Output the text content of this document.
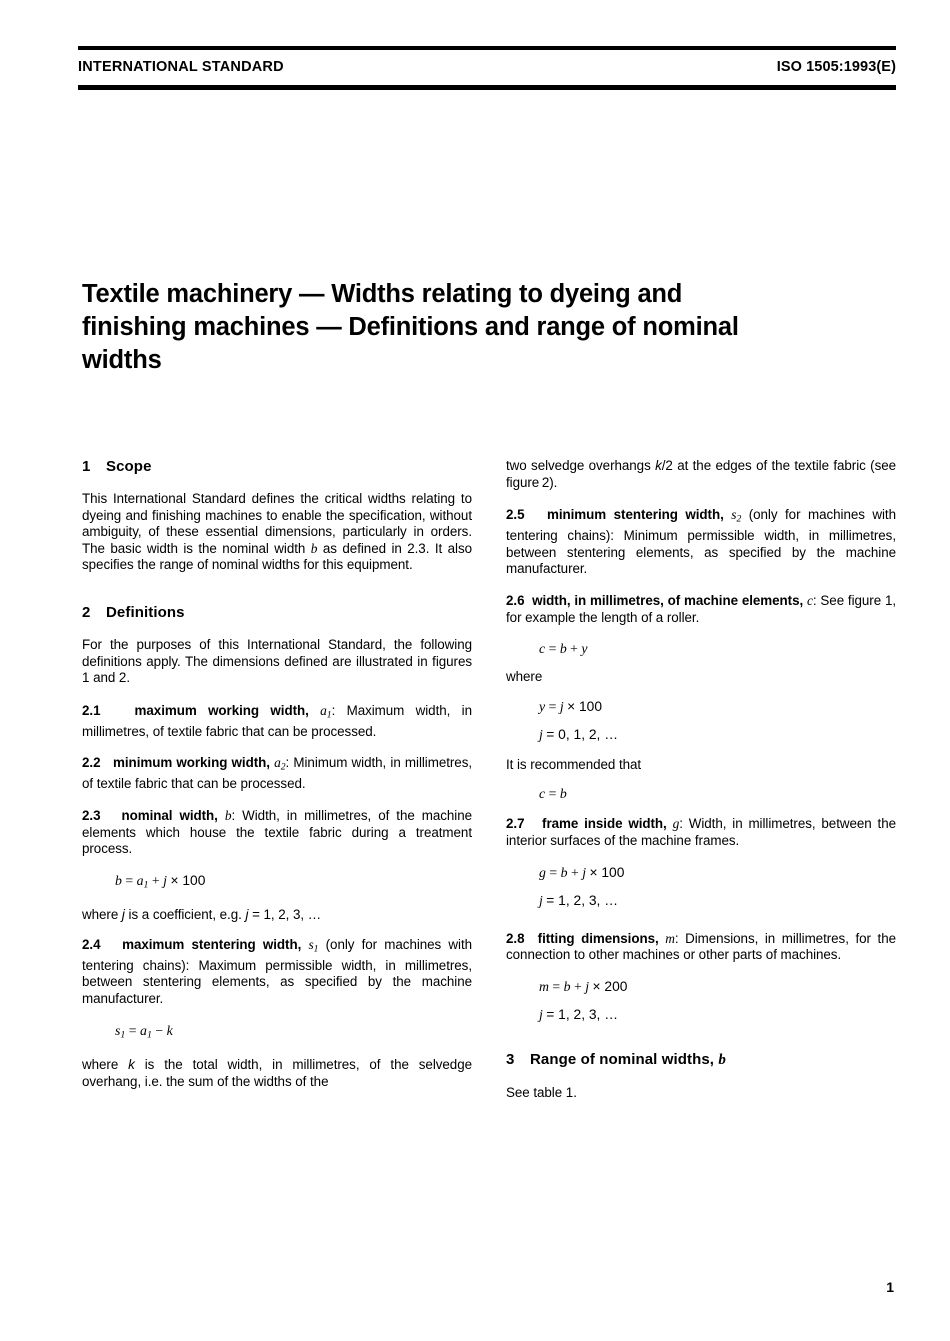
INTERNATIONAL STANDARD	ISO 1505:1993(E)
Textile machinery — Widths relating to dyeing and finishing machines — Definitions and range of nominal widths
1 Scope

This International Standard defines the critical widths relating to dyeing and finishing machines to enable the specification, without ambiguity, of these essential dimensions, particularly in orders. The basic width is the nominal width b as defined in 2.3. It also specifies the range of nominal widths for this equipment.

2 Definitions

For the purposes of this International Standard, the following definitions apply. The dimensions defined are illustrated in figures 1 and 2.

2.1	maximum working width, $a_1$: Maximum width, in millimetres, of textile fabric that can be processed.

2.2 minimum working width, $a_2$: Minimum width, in millimetres, of textile fabric that can be processed.

2.3 nominal width, b: Width, in millimetres, of the machine elements which house the textile fabric during a treatment process.

$b = a_1 + j \times 100$

where j is a coefficient, e.g. j = 1, 2, 3, …

2.4 maximum stentering width, $s_1$ (only for machines with tentering chains): Maximum permissible width, in millimetres, between stentering elements, as specified by the machine manufacturer.

$s_1 = a_1 - k$

where k is the total width, in millimetres, of the selvedge overhang, i.e. the sum of the widths of the

two selvedge overhangs k/2 at the edges of the textile fabric (see figure 2).

2.5 minimum stentering width, $s_2$ (only for machines with tentering chains): Minimum permissible width, in millimetres, between stentering elements, as specified by the machine manufacturer.

2.6 width, in millimetres, of machine elements, c: See figure 1, for example the length of a roller.

c = b + y

where

y = j × 100

j = 0, 1, 2, …

It is recommended that

c = b

2.7 frame inside width, g: Width, in millimetres, between the interior surfaces of the machine frames.

g = b + j × 100

j = 1, 2, 3, …

2.8 fitting dimensions, m: Dimensions, in millimetres, for the connection to other machines or other parts of machines.

m = b + j × 200

j = 1, 2, 3, …

3 Range of nominal widths, b

See table 1.

1
